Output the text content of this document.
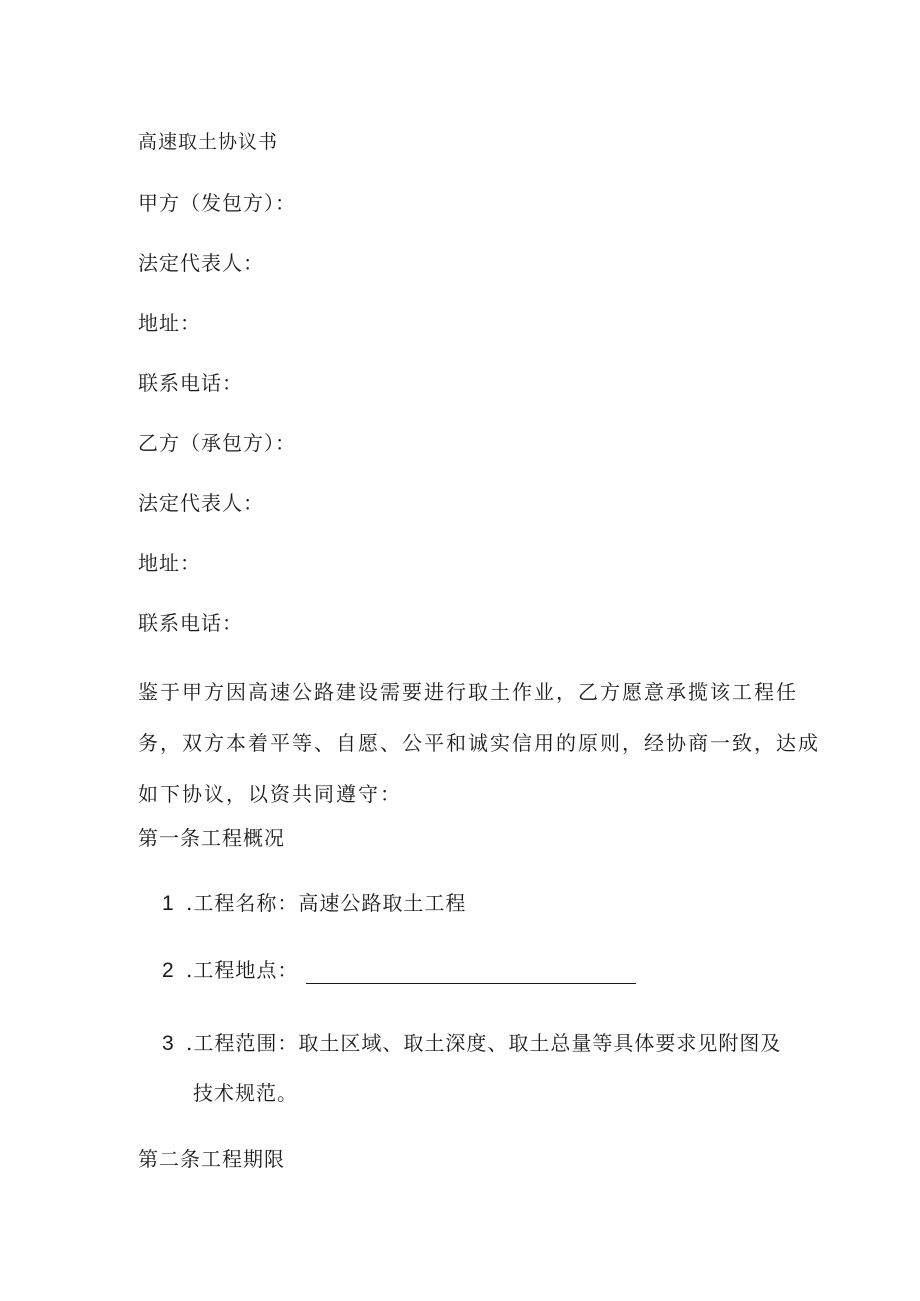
高速取土协议书
甲方（发包方）：
法定代表人：
地址：
联系电话：
乙方（承包方）：
法定代表人：
地址：
联系电话：
鉴于甲方因高速公路建设需要进行取土作业，乙方愿意承揽该工程任
务，双方本着平等、自愿、公平和诚实信用的原则，经协商一致，达成
如下协议，以资共同遵守：
第一条工程概况
1 .工程名称：高速公路取土工程
2 .工程地点：
3 .工程范围：取土区域、取土深度、取土总量等具体要求见附图及
技术规范。
第二条工程期限
